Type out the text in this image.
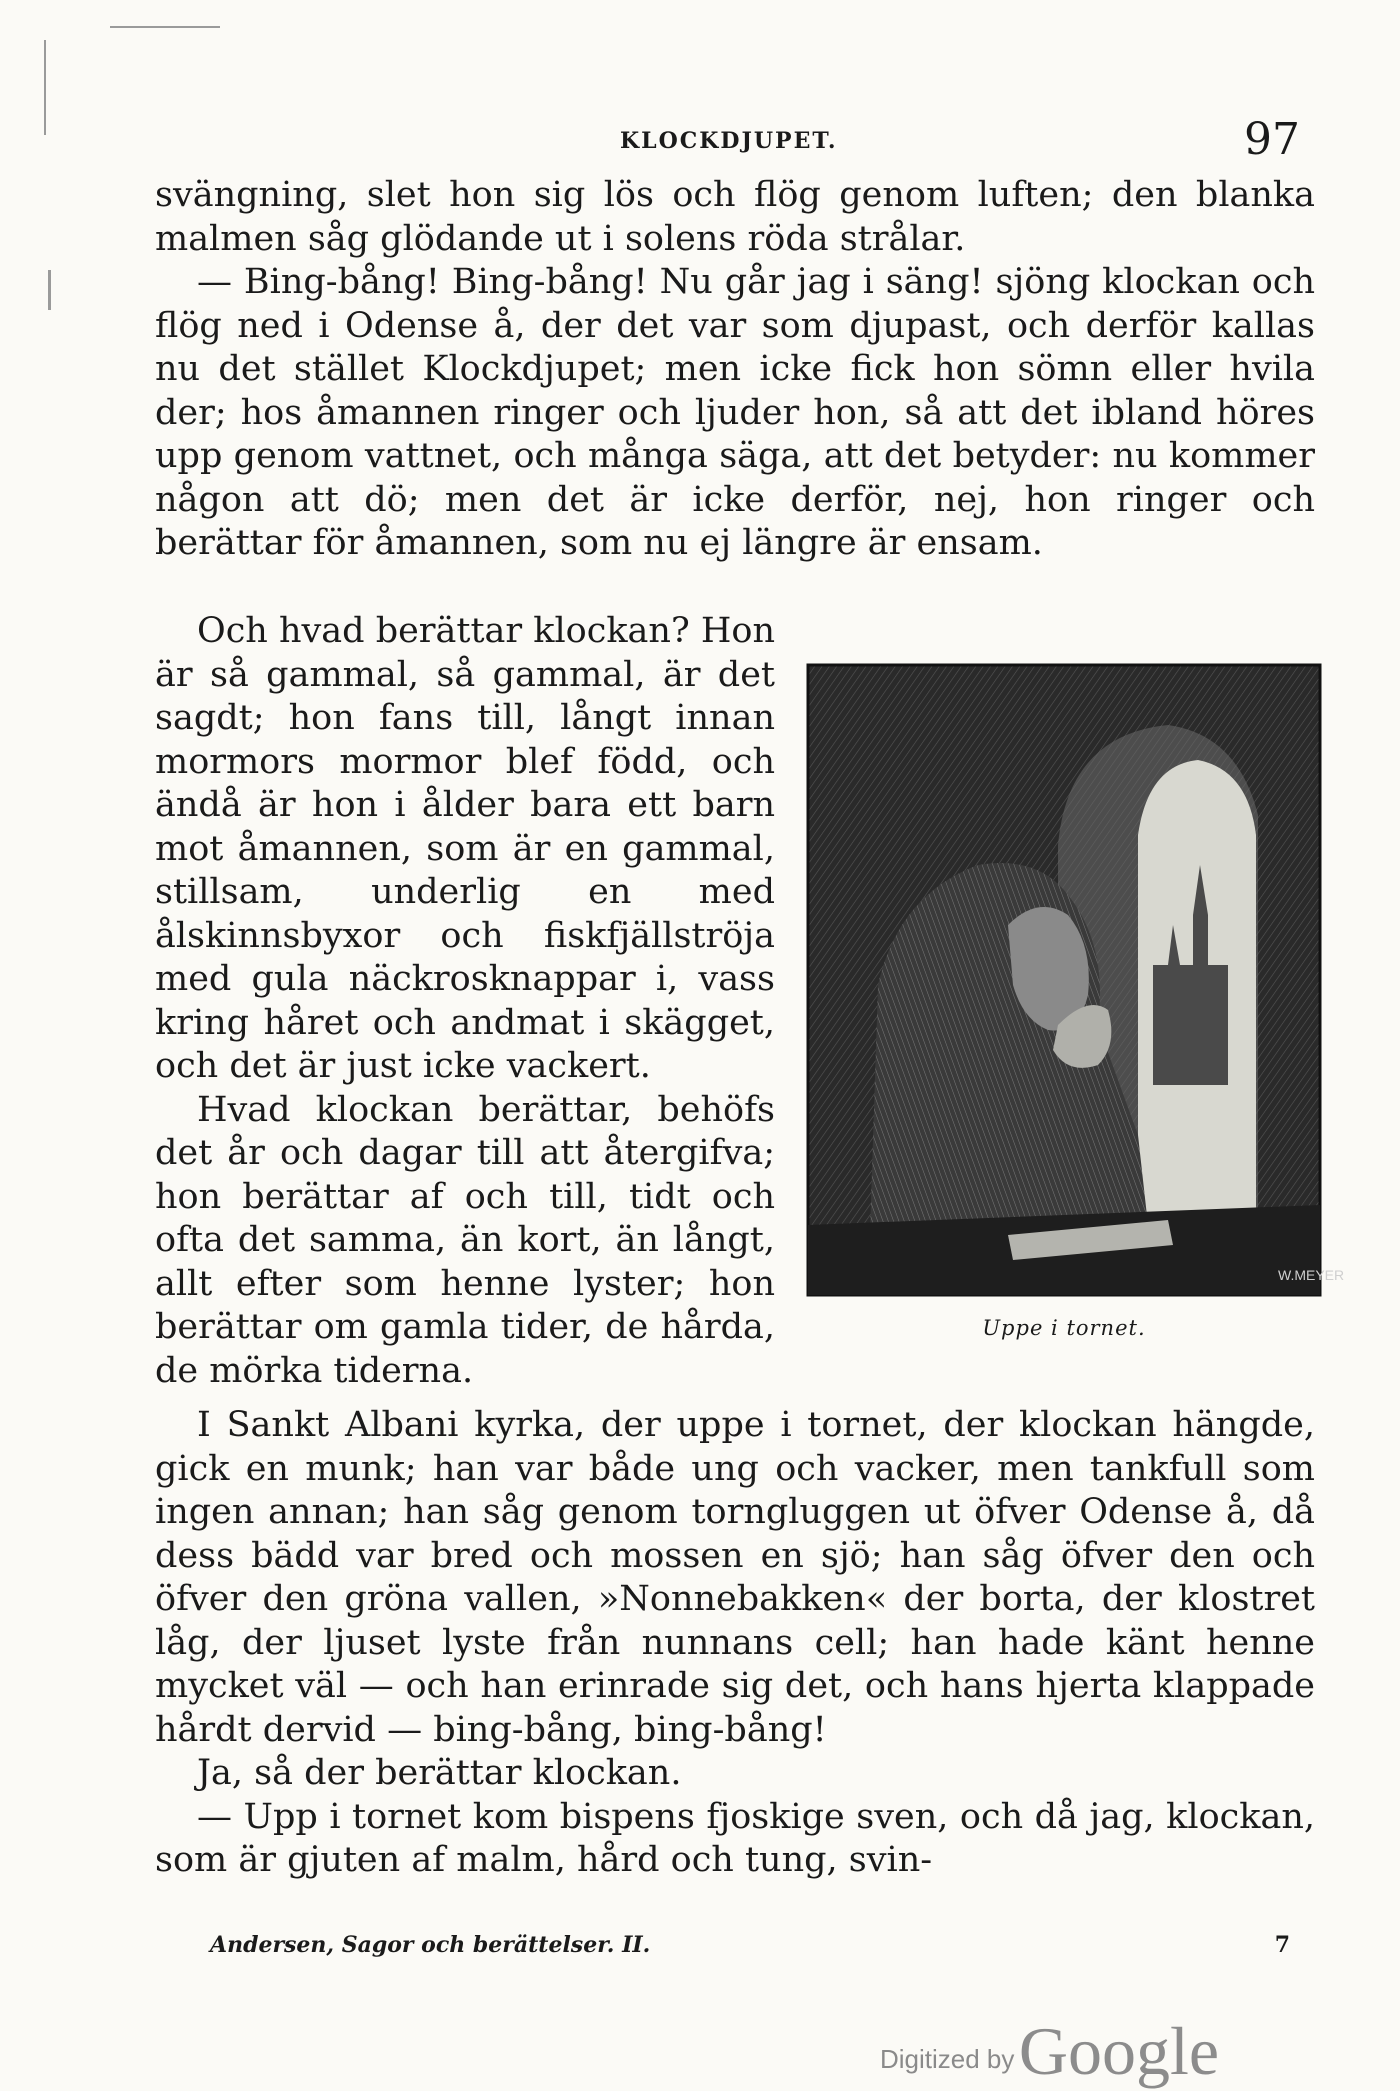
KLOCKDJUPET.	97

svängning, slet hon sig lös och flög genom luften; den blanka malmen såg glödande ut i solens röda strålar.

— Bing-bång! Bing-bång! Nu går jag i säng! sjöng klockan och flög ned i Odense å, der det var som djupast, och derför kallas nu det stället Klockdjupet; men icke fick hon sömn eller hvila der; hos åmannen ringer och ljuder hon, så att det ibland höres upp genom vattnet, och många säga, att det betyder: nu kommer någon att dö; men det är icke derför, nej, hon ringer och berättar för åmannen, som nu ej längre är ensam.

Och hvad berättar klockan? Hon är så gammal, så gammal, är det sagdt; hon fans till, långt innan mormors mormor blef född, och ändå är hon i ålder bara ett barn mot åmannen, som är en gammal, stillsam, underlig en med ålskinnsbyxor och fiskfjällströja med gula näckrosknappar i, vass kring håret och andmat i skägget, och det är just icke vackert.

Hvad klockan berättar, behöfs det år och dagar till att återgifva; hon berättar af och till, tidt och ofta det samma, än kort, än långt, allt efter som henne lyster; hon berättar om gamla tider, de hårda, de mörka tiderna.

W.MEYER
Uppe i tornet.

I Sankt Albani kyrka, der uppe i tornet, der klockan hängde, gick en munk; han var både ung och vacker, men tankfull som ingen annan; han såg genom torngluggen ut öfver Odense å, då dess bädd var bred och mossen en sjö; han såg öfver den och öfver den gröna vallen, »Nonnebakken« der borta, der klostret låg, der ljuset lyste från nunnans cell; han hade känt henne mycket väl — och han erinrade sig det, och hans hjerta klappade hårdt dervid — bing-bång, bing-bång!

Ja, så der berättar klockan.

— Upp i tornet kom bispens fjoskige sven, och då jag, klockan, som är gjuten af malm, hård och tung, svin-

Andersen, Sagor och berättelser. II.	7
Digitized by Google
